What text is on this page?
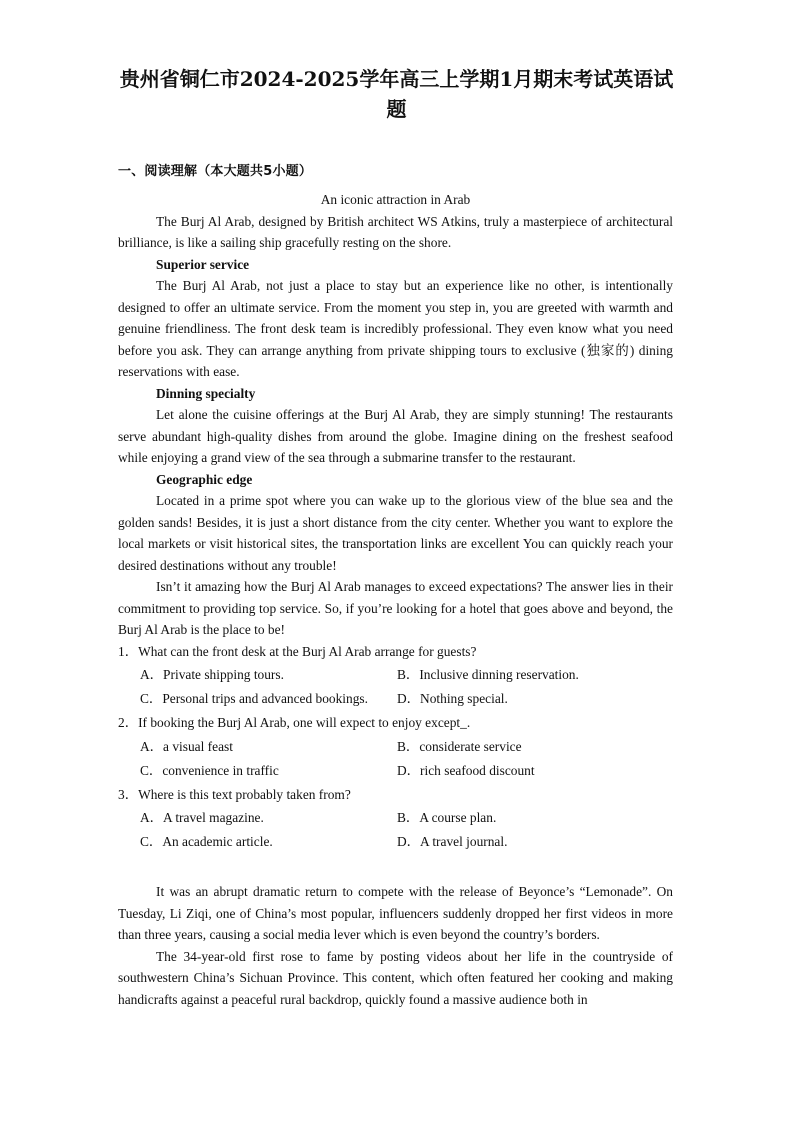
贵州省铜仁市2024-2025学年高三上学期1月期末考试英语试题
一、阅读理解（本大题共5小题）

An iconic attraction in Arab

The Burj Al Arab, designed by British architect WS Atkins, truly a masterpiece of architectural brilliance, is like a sailing ship gracefully resting on the shore.

Superior service

The Burj Al Arab, not just a place to stay but an experience like no other, is intentionally designed to offer an ultimate service. From the moment you step in, you are greeted with warmth and genuine friendliness. The front desk team is incredibly professional. They even know what you need before you ask. They can arrange anything from private shipping tours to exclusive (独家的) dining reservations with ease.

Dinning specialty

Let alone the cuisine offerings at the Burj Al Arab, they are simply stunning! The restaurants serve abundant high-quality dishes from around the globe. Imagine dining on the freshest seafood while enjoying a grand view of the sea through a submarine transfer to the restaurant.

Geographic edge

Located in a prime spot where you can wake up to the glorious view of the blue sea and the golden sands! Besides, it is just a short distance from the city center. Whether you want to explore the local markets or visit historical sites, the transportation links are excellent You can quickly reach your desired destinations without any trouble!

Isn’t it amazing how the Burj Al Arab manages to exceed expectations? The answer lies in their commitment to providing top service. So, if you’re looking for a hotel that goes above and beyond, the Burj Al Arab is the place to be!

1．What can the front desk at the Burj Al Arab arrange for guests?

A．Private shipping tours.	B．Inclusive dinning reservation.
C．Personal trips and advanced bookings.	D．Nothing special.

2．If booking the Burj Al Arab, one will expect to enjoy except_.

A．a visual feast	B．considerate service
C．convenience in traffic	D．rich seafood discount

3．Where is this text probably taken from?

A．A travel magazine.	B．A course plan.
C．An academic article.	D．A travel journal.

It was an abrupt dramatic return to compete with the release of Beyonce’s “Lemonade”. On Tuesday, Li Ziqi, one of China’s most popular, influencers suddenly dropped her first videos in more than three years, causing a social media lever which is even beyond the country’s borders.

The 34-year-old first rose to fame by posting videos about her life in the countryside of southwestern China’s Sichuan Province. This content, which often featured her cooking and making handicrafts against a peaceful rural backdrop, quickly found a massive audience both in
